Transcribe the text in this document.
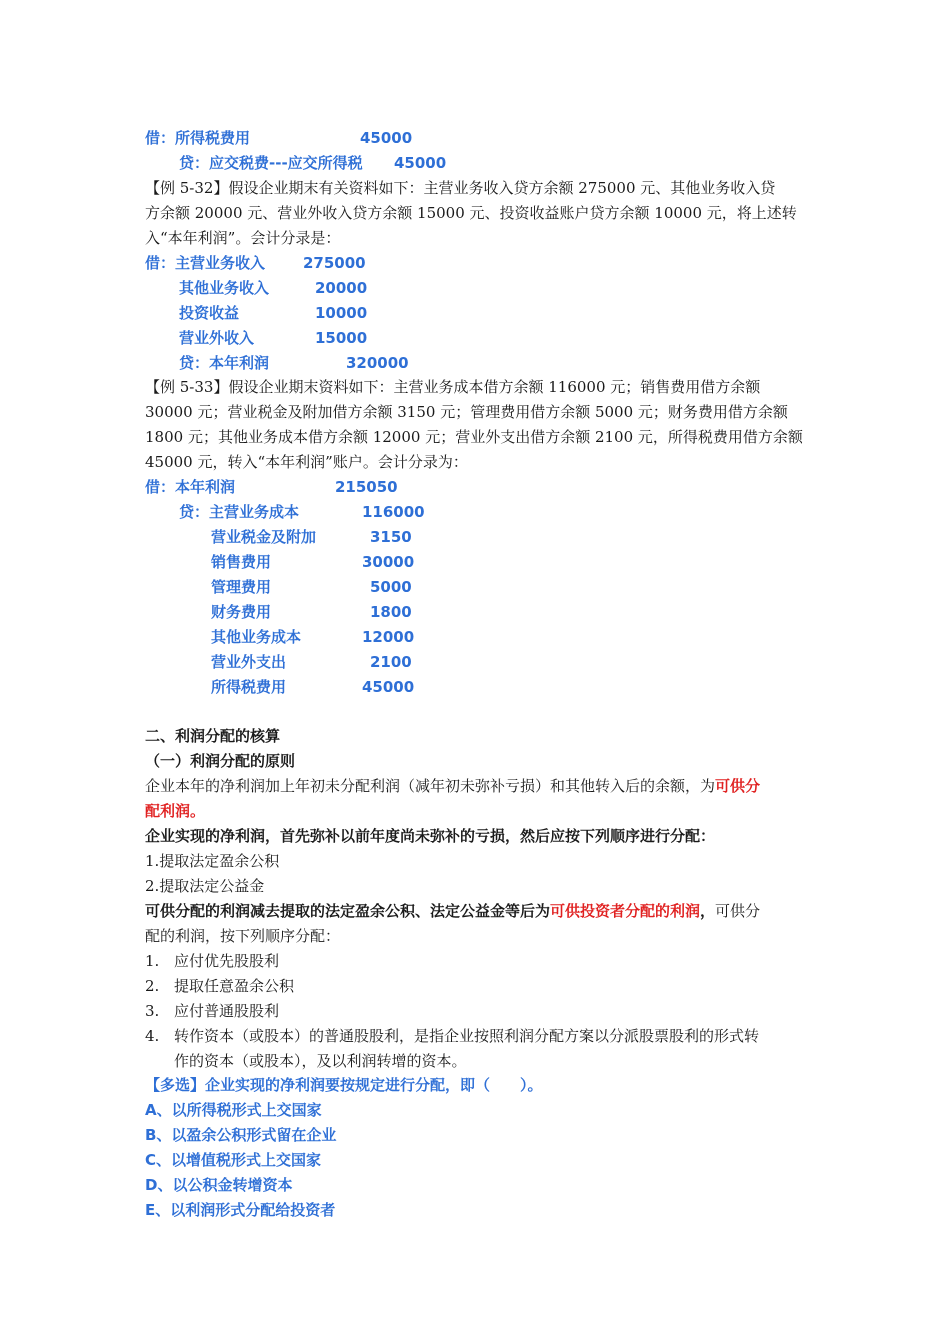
借：所得税费用	45000
贷：应交税费---应交所得税 45000
【例 5-32】假设企业期末有关资料如下：主营业务收入贷方余额 275000 元、其他业务收入贷
方余额 20000 元、营业外收入贷方余额 15000 元、投资收益账户贷方余额 10000 元，将上述转
入“本年利润”。会计分录是：
借：主营业务收入	275000
其他业务收入	20000
投资收益	10000
营业外收入	15000
贷：本年利润	320000
【例 5-33】假设企业期末资料如下：主营业务成本借方余额 116000 元；销售费用借方余额
30000 元；营业税金及附加借方余额 3150 元；管理费用借方余额 5000 元；财务费用借方余额
1800 元；其他业务成本借方余额 12000 元；营业外支出借方余额 2100 元，所得税费用借方余额
45000 元，转入“本年利润”账户。会计分录为：
借：本年利润	215050
贷：主营业务成本	116000
营业税金及附加	3150
销售费用	30000
管理费用	5000
财务费用	1800
其他业务成本	12000
营业外支出	2100
所得税费用	45000
二、利润分配的核算
（一）利润分配的原则
企业本年的净利润加上年初未分配利润（减年初未弥补亏损）和其他转入后的余额，为可供分
配利润。
企业实现的净利润，首先弥补以前年度尚未弥补的亏损，然后应按下列顺序进行分配：
1.提取法定盈余公积
2.提取法定公益金
可供分配的利润减去提取的法定盈余公积、法定公益金等后为可供投资者分配的利润，可供分
配的利润，按下列顺序分配：
1. 应付优先股股利
2. 提取任意盈余公积
3. 应付普通股股利
4. 转作资本（或股本）的普通股股利，是指企业按照利润分配方案以分派股票股利的形式转
作的资本（或股本），及以利润转增的资本。
【多选】企业实现的净利润要按规定进行分配，即（　　）。
A、以所得税形式上交国家
B、以盈余公积形式留在企业
C、以增值税形式上交国家
D、以公积金转增资本
E、以利润形式分配给投资者
